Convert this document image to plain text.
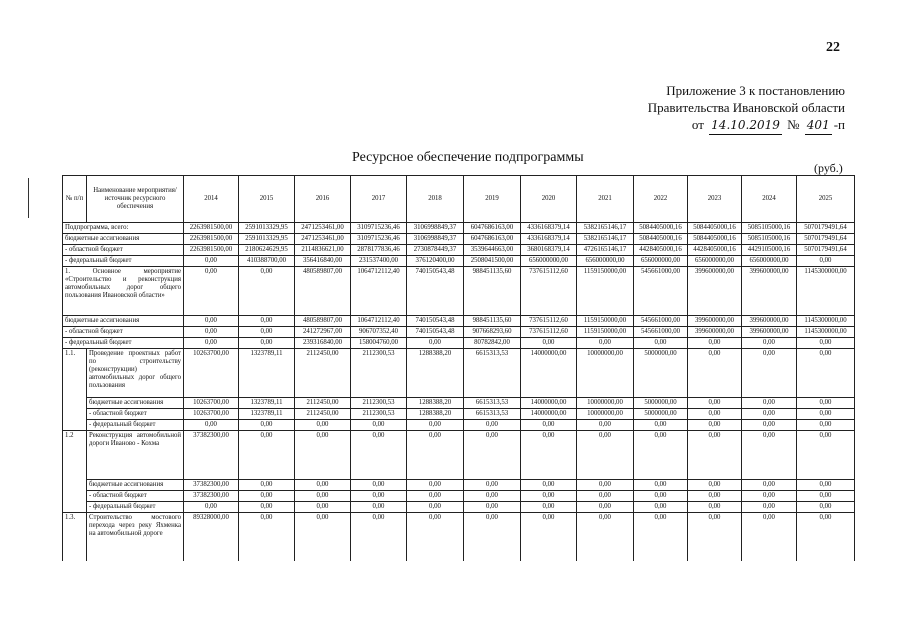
22
Приложение 3 к постановлению
Правительства Ивановской области
от 14.10.2019 № 401 -п
Ресурсное обеспечение подпрограммы
(руб.)
№ п/п	Наименование мероприятия/источник ресурсного обеспечения	2014	2015	2016	2017	2018	2019	2020	2021	2022	2023	2024	2025
Подпрограмма, всего:		2263981500,00	2591013329,95	2471253461,00	3109715236,46	3106998849,37	6047686163,00	4336168379,14	5382165146,17	5084405000,16	5084405000,16	5085105000,16	5070179491,64
бюджетные ассигнования		2263981500,00	2591013329,95	2471253461,00	3109715236,46	3106998849,37	6047686163,00	4336168379,14	5382165146,17	5084405000,16	5084405000,16	5085105000,16	5070179491,64
- областной бюджет		2263981500,00	2180624629,95	2114836621,00	2878177836,46	2730878449,37	3539644663,00	3680168379,14	4726165146,17	4428405000,16	4428405000,16	4429105000,16	5070179491,64
- федеральный бюджет		0,00	410388700,00	356416840,00	231537400,00	376120400,00	2508041500,00	656000000,00	656000000,00	656000000,00	656000000,00	656000000,00	0,00
1. Основное мероприятие «Строительство и реконструкция автомобильных дорог общего пользования Ивановской области»		0,00	0,00	480589807,00	1064712112,40	740150543,48	988451135,60	737615112,60	1159150000,00	545661000,00	399600000,00	399600000,00	1145300000,00
бюджетные ассигнования		0,00	0,00	480589807,00	1064712112,40	740150543,48	988451135,60	737615112,60	1159150000,00	545661000,00	399600000,00	399600000,00	1145300000,00
- областной бюджет		0,00	0,00	241272967,00	906707352,40	740150543,48	907668293,60	737615112,60	1159150000,00	545661000,00	399600000,00	399600000,00	1145300000,00
- федеральный бюджет		0,00	0,00	239316840,00	158004760,00	0,00	80782842,00	0,00	0,00	0,00	0,00	0,00	0,00
1.1.	Проведение проектных работ по строительству (реконструкции) автомобильных дорог общего пользования	10263700,00	1323789,11	2112450,00	2112300,53	1288388,20	6615313,53	14000000,00	10000000,00	5000000,00	0,00	0,00	0,00
	бюджетные ассигнования	10263700,00	1323789,11	2112450,00	2112300,53	1288388,20	6615313,53	14000000,00	10000000,00	5000000,00	0,00	0,00	0,00
	- областной бюджет	10263700,00	1323789,11	2112450,00	2112300,53	1288388,20	6615313,53	14000000,00	10000000,00	5000000,00	0,00	0,00	0,00
	- федеральный бюджет	0,00	0,00	0,00	0,00	0,00	0,00	0,00	0,00	0,00	0,00	0,00	0,00
1.2	Реконструкция автомобильной дороги Иваново - Кохма	37382300,00	0,00	0,00	0,00	0,00	0,00	0,00	0,00	0,00	0,00	0,00	0,00
	бюджетные ассигнования	37382300,00	0,00	0,00	0,00	0,00	0,00	0,00	0,00	0,00	0,00	0,00	0,00
	- областной бюджет	37382300,00	0,00	0,00	0,00	0,00	0,00	0,00	0,00	0,00	0,00	0,00	0,00
	- федеральный бюджет	0,00	0,00	0,00	0,00	0,00	0,00	0,00	0,00	0,00	0,00	0,00	0,00
1.3.	Строительство мостового перехода через реку Яхменка на автомобильной дороге	89328000,00	0,00	0,00	0,00	0,00	0,00	0,00	0,00	0,00	0,00	0,00	0,00
